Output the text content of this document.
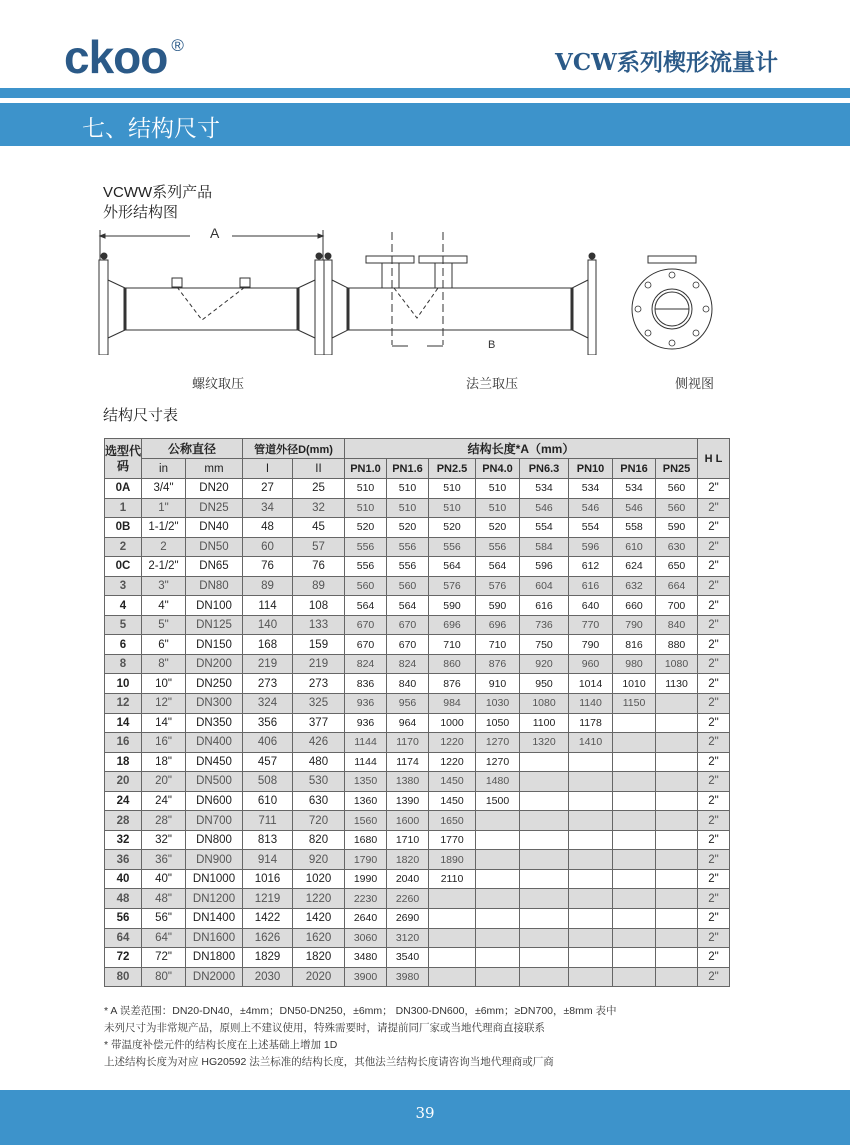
ckoo ®
VCW系列楔形流量计
七、结构尺寸
VCWW系列产品
外形结构图
A
B
螺纹取压	法兰取压	侧视图
结构尺寸表
选型代码	公称直径		管道外径D(mm)		结构长度*A（mm）								H L
	in	mm	I	II	PN1.0	PN1.6	PN2.5	PN4.0	PN6.3	PN10	PN16	PN25	
0A	3/4"	DN20	27	25	510	510	510	510	534	534	534	560	2"
1	1"	DN25	34	32	510	510	510	510	546	546	546	560	2"
0B	1-1/2"	DN40	48	45	520	520	520	520	554	554	558	590	2"
2	2	DN50	60	57	556	556	556	556	584	596	610	630	2"
0C	2-1/2"	DN65	76	76	556	556	564	564	596	612	624	650	2"
3	3"	DN80	89	89	560	560	576	576	604	616	632	664	2"
4	4"	DN100	114	108	564	564	590	590	616	640	660	700	2"
5	5"	DN125	140	133	670	670	696	696	736	770	790	840	2"
6	6"	DN150	168	159	670	670	710	710	750	790	816	880	2"
8	8"	DN200	219	219	824	824	860	876	920	960	980	1080	2"
10	10"	DN250	273	273	836	840	876	910	950	1014	1010	1130	2"
12	12"	DN300	324	325	936	956	984	1030	1080	1140	1150		2"
14	14"	DN350	356	377	936	964	1000	1050	1100	1178			2"
16	16"	DN400	406	426	1144	1170	1220	1270	1320	1410			2"
18	18"	DN450	457	480	1144	1174	1220	1270					2"
20	20"	DN500	508	530	1350	1380	1450	1480					2"
24	24"	DN600	610	630	1360	1390	1450	1500					2"
28	28"	DN700	711	720	1560	1600	1650						2"
32	32"	DN800	813	820	1680	1710	1770						2"
36	36"	DN900	914	920	1790	1820	1890						2"
40	40"	DN1000	1016	1020	1990	2040	2110						2"
48	48"	DN1200	1219	1220	2230	2260							2"
56	56"	DN1400	1422	1420	2640	2690							2"
64	64"	DN1600	1626	1620	3060	3120							2"
72	72"	DN1800	1829	1820	3480	3540							2"
80	80"	DN2000	2030	2020	3900	3980							2"
* A 误差范围：DN20-DN40，±4mm；DN50-DN250，±6mm； DN300-DN600，±6mm；≥DN700，±8mm 表中
未列尺寸为非常规产品，原则上不建议使用，特殊需要时，请提前同厂家或当地代理商直接联系
* 带温度补偿元件的结构长度在上述基础上增加 1D
上述结构长度为对应 HG20592 法兰标准的结构长度，其他法兰结构长度请咨询当地代理商或厂商
39
